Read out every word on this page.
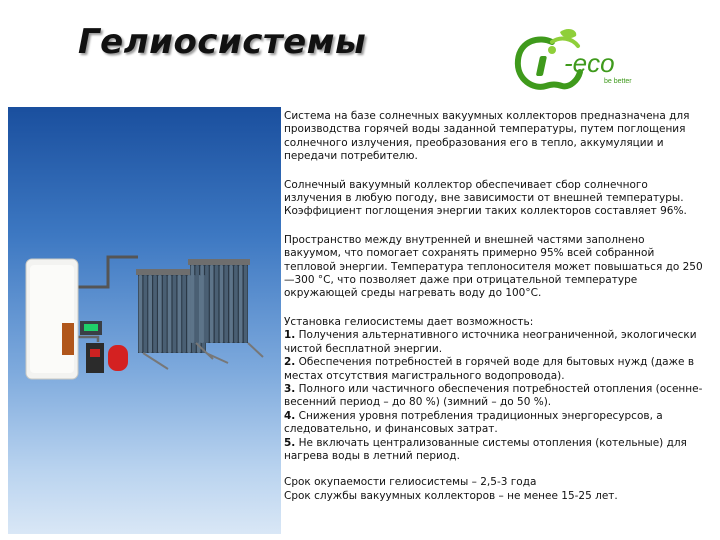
Гелиосистемы
-eco
be better

Система на базе солнечных вакуумных коллекторов предназначена для производства горячей воды заданной температуры, путем поглощения солнечного излучения, преобразования его в тепло, аккумуляции и передачи потребителю.

Солнечный вакуумный коллектор обеспечивает сбор солнечного излучения в любую погоду, вне зависимости от внешней температуры. Коэффициент поглощения энергии таких коллекторов составляет 96%.

Пространство между внутренней и внешней частями заполнено вакуумом, что помогает сохранять примерно 95% всей собранной тепловой энергии. Температура теплоносителя может повышаться до 250—300 °С, что позволяет даже при отрицательной температуре окружающей среды нагревать воду до 100°С.

Установка гелиосистемы дает возможность:
1. Получения альтернативного источника неограниченной, экологически чистой бесплатной энергии.
2. Обеспечения потребностей в горячей воде для бытовых нужд (даже в местах отсутствия магистрального водопровода).
3. Полного или частичного обеспечения потребностей отопления (осенне-весенний период – до 80 %) (зимний – до 50 %).
4. Снижения уровня потребления традиционных энергоресурсов, а следовательно, и финансовых затрат.
5. Не включать централизованные системы отопления (котельные) для нагрева воды в летний период.
Срок окупаемости гелиосистемы – 2,5-3 года
Срок службы вакуумных коллекторов – не менее 15-25 лет.
